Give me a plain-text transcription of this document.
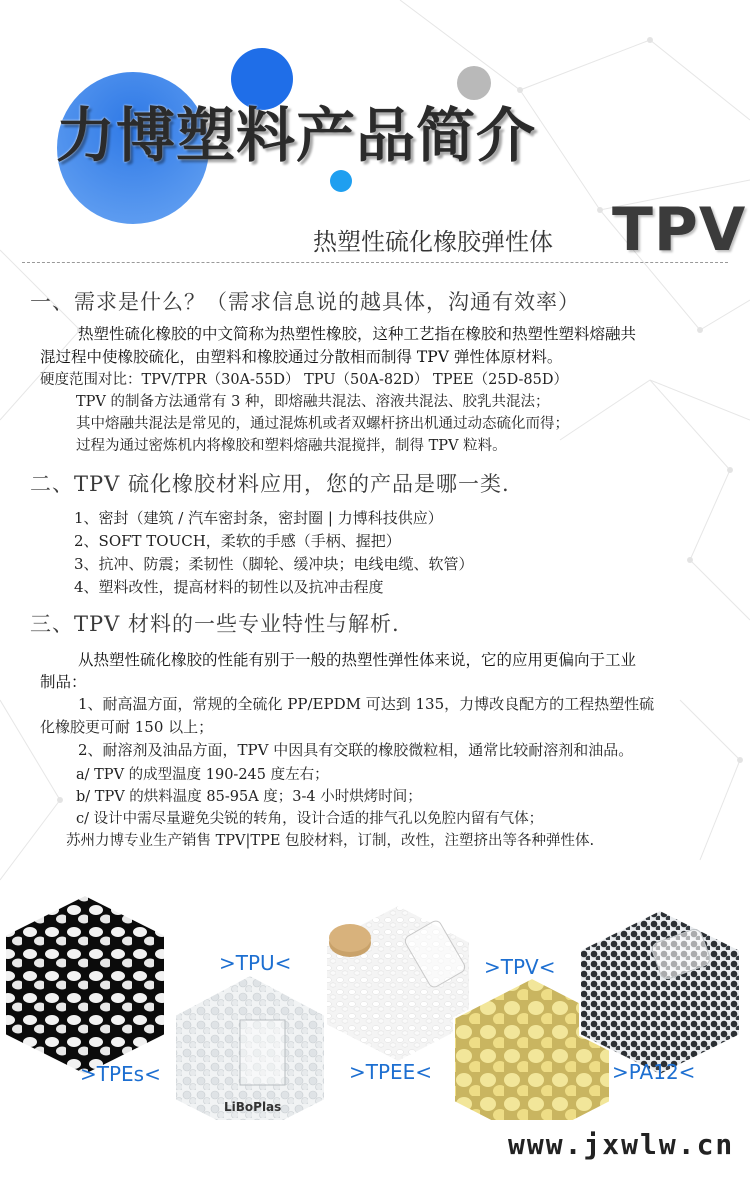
力博塑料产品简介
热塑性硫化橡胶弹性体 TPV
一、需求是什么？（需求信息说的越具体，沟通有效率）
热塑性硫化橡胶的中文简称为热塑性橡胶，这种工艺指在橡胶和热塑性塑料熔融共
混过程中使橡胶硫化，由塑料和橡胶通过分散相而制得 TPV 弹性体原材料。
硬度范围对比：TPV/TPR（30A-55D） TPU（50A-82D） TPEE（25D-85D）
TPV 的制备方法通常有 3 种，即熔融共混法、溶液共混法、胶乳共混法；
其中熔融共混法是常见的，通过混炼机或者双螺杆挤出机通过动态硫化而得；
过程为通过密炼机内将橡胶和塑料熔融共混搅拌，制得 TPV 粒料。
二、TPV 硫化橡胶材料应用，您的产品是哪一类.
1、密封（建筑 / 汽车密封条，密封圈 | 力博科技供应）
2、SOFT TOUCH，柔软的手感（手柄、握把）
3、抗冲、防震；柔韧性（脚轮、缓冲块；电线电缆、软管）
4、塑料改性，提高材料的韧性以及抗冲击程度
三、TPV 材料的一些专业特性与解析.
从热塑性硫化橡胶的性能有别于一般的热塑性弹性体来说，它的应用更偏向于工业
制品：
1、耐高温方面，常规的全硫化 PP/EPDM 可达到 135，力博改良配方的工程热塑性硫
化橡胶更可耐 150 以上；
2、耐溶剂及油品方面，TPV 中因具有交联的橡胶微粒相，通常比较耐溶剂和油品。
a/ TPV 的成型温度 190-245 度左右；
b/ TPV 的烘料温度 85-95A 度；3-4 小时烘烤时间；
c/ 设计中需尽量避免尖锐的转角，设计合适的排气孔以免腔内留有气体；
苏州力博专业生产销售 TPV|TPE 包胶材料，订制，改性，注塑挤出等各种弹性体.
>TPU<	>TPV<
>TPEs<	>TPEE<	>PA12<
LiBoPlas
www.jxwlw.cn
